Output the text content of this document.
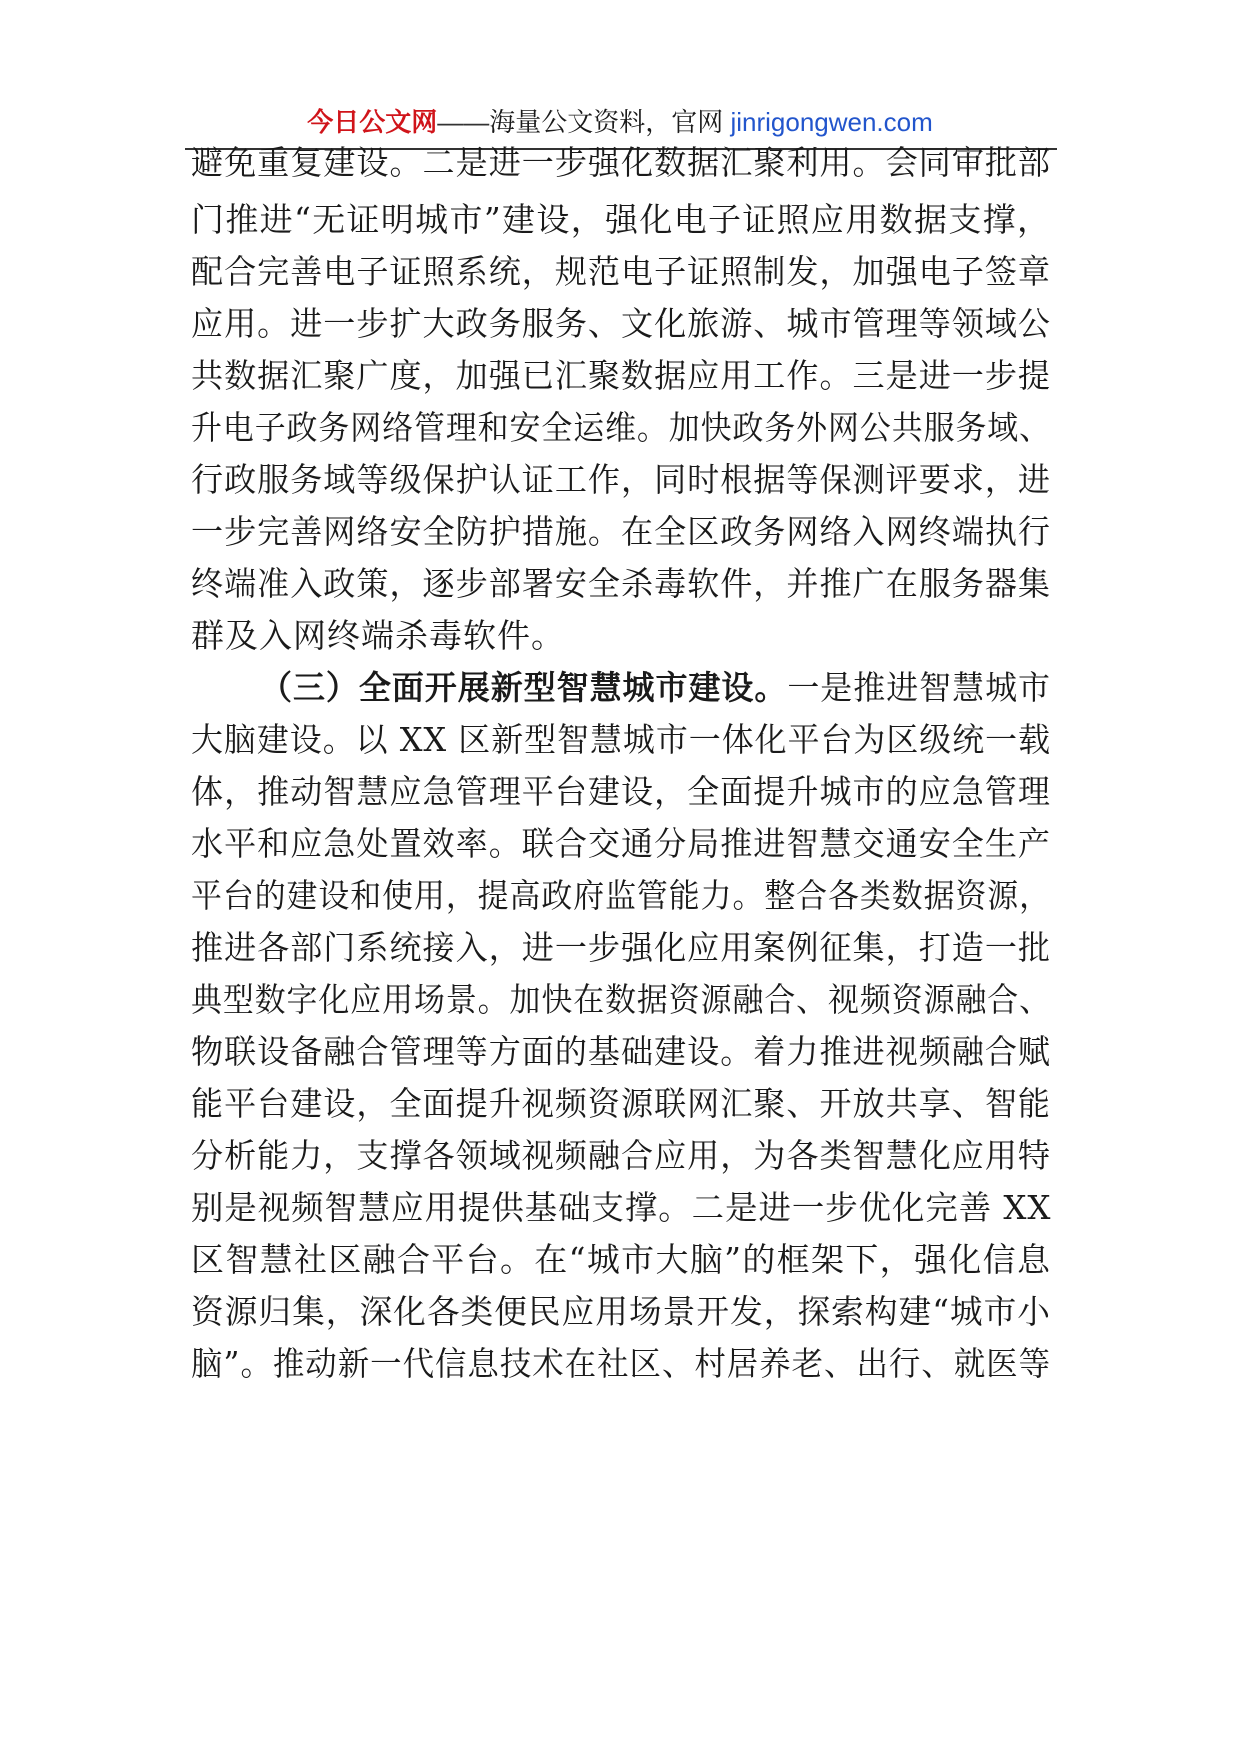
今日公文网——海量公文资料，官网 jinrigongwen.com
避免重复建设。二是进一步强化数据汇聚利用。会同审批部
门推进“无证明城市”建设，强化电子证照应用数据支撑，
配合完善电子证照系统，规范电子证照制发，加强电子签章
应用。进一步扩大政务服务、文化旅游、城市管理等领域公
共数据汇聚广度，加强已汇聚数据应用工作。三是进一步提
升电子政务网络管理和安全运维。加快政务外网公共服务域、
行政服务域等级保护认证工作，同时根据等保测评要求，进
一步完善网络安全防护措施。在全区政务网络入网终端执行
终端准入政策，逐步部署安全杀毒软件，并推广在服务器集
群及入网终端杀毒软件。
（三）全面开展新型智慧城市建设。一是推进智慧城市
大脑建设。以 XX 区新型智慧城市一体化平台为区级统一载
体，推动智慧应急管理平台建设，全面提升城市的应急管理
水平和应急处置效率。联合交通分局推进智慧交通安全生产
平台的建设和使用，提高政府监管能力。整合各类数据资源，
推进各部门系统接入，进一步强化应用案例征集，打造一批
典型数字化应用场景。加快在数据资源融合、视频资源融合、
物联设备融合管理等方面的基础建设。着力推进视频融合赋
能平台建设，全面提升视频资源联网汇聚、开放共享、智能
分析能力，支撑各领域视频融合应用，为各类智慧化应用特
别是视频智慧应用提供基础支撑。二是进一步优化完善 XX
区智慧社区融合平台。在“城市大脑”的框架下，强化信息
资源归集，深化各类便民应用场景开发，探索构建“城市小
脑”。推动新一代信息技术在社区、村居养老、出行、就医等
